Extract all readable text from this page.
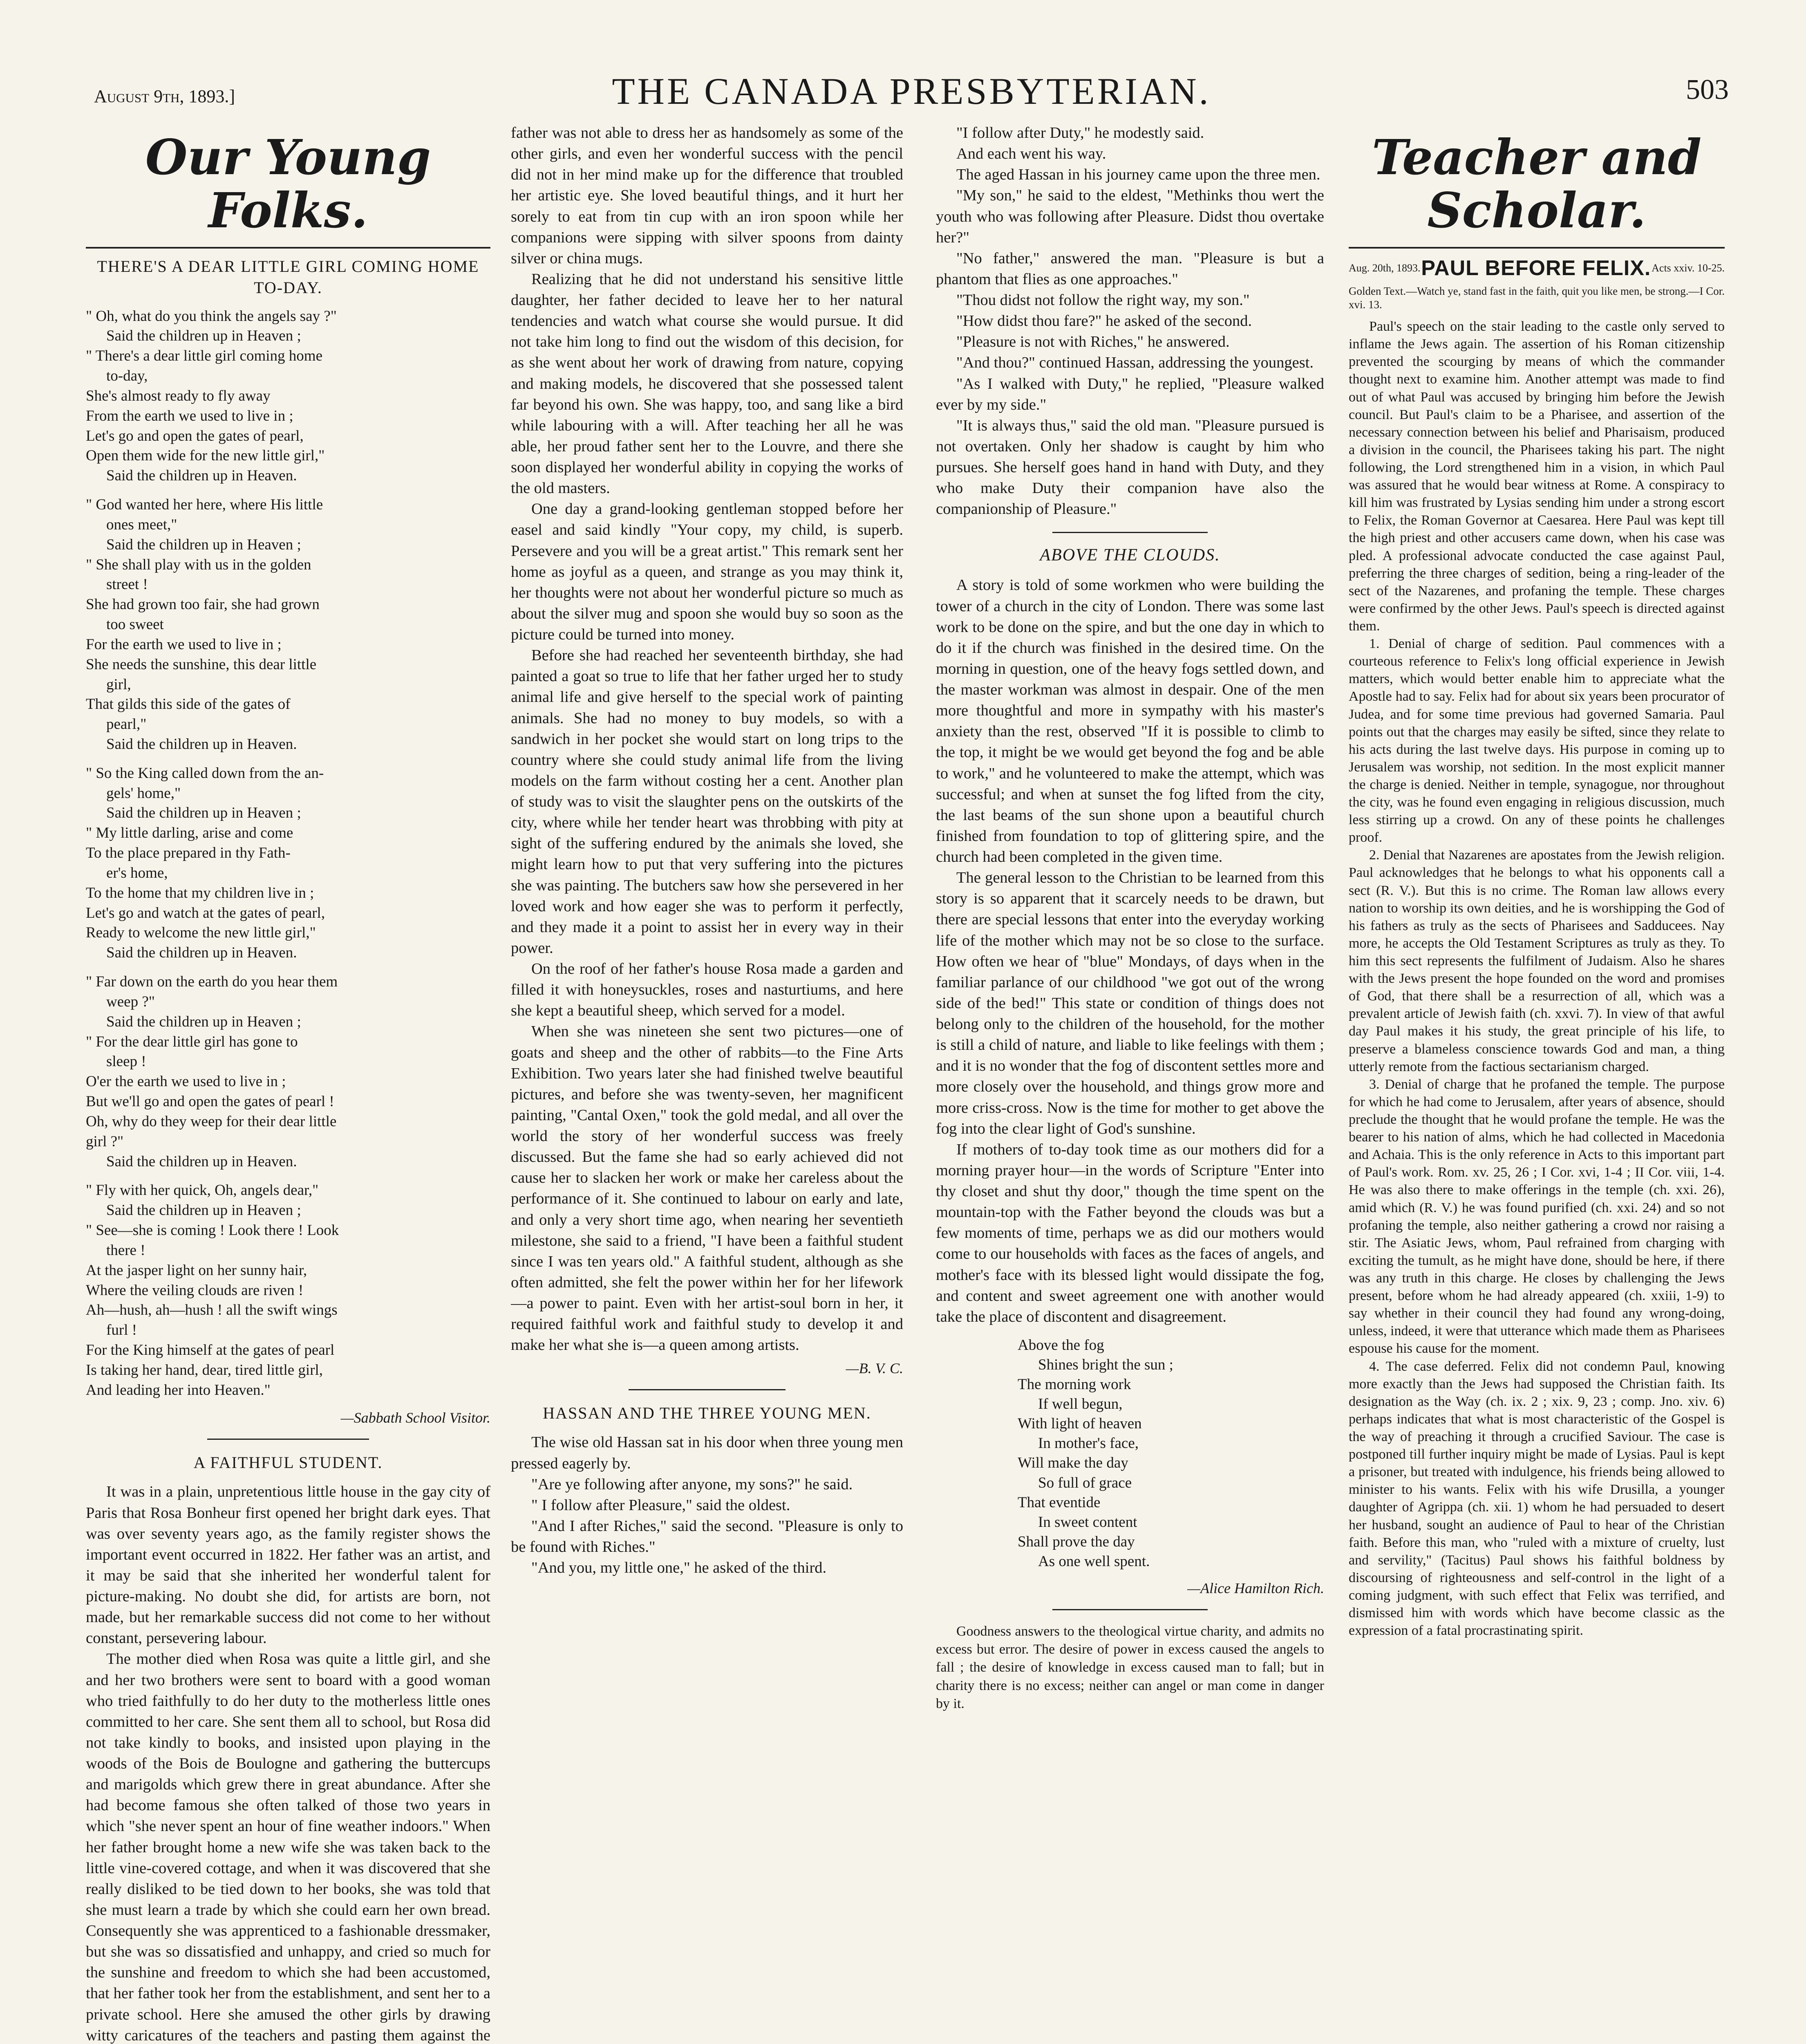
August 9th, 1893.]	THE CANADA PRESBYTERIAN.	503
Our Young Folks.
THERE'S A DEAR LITTLE GIRL COMING HOME TO-DAY.
" Oh, what do you think the angels say ?"
Said the children up in Heaven ;
" There's a dear little girl coming home
to-day,
She's almost ready to fly away
From the earth we used to live in ;
Let's go and open the gates of pearl,
Open them wide for the new little girl,"
Said the children up in Heaven.
" God wanted her here, where His little
ones meet,"
Said the children up in Heaven ;
" She shall play with us in the golden
street !
She had grown too fair, she had grown
too sweet
For the earth we used to live in ;
She needs the sunshine, this dear little
girl,
That gilds this side of the gates of
pearl,"
Said the children up in Heaven.
" So the King called down from the an-
gels' home,"
Said the children up in Heaven ;
" My little darling, arise and come
To the place prepared in thy Fath-
er's home,
To the home that my children live in ;
Let's go and watch at the gates of pearl,
Ready to welcome the new little girl,"
Said the children up in Heaven.
" Far down on the earth do you hear them
weep ?"
Said the children up in Heaven ;
" For the dear little girl has gone to
sleep !
O'er the earth we used to live in ;
But we'll go and open the gates of pearl !
Oh, why do they weep for their dear little
girl ?"
Said the children up in Heaven.
" Fly with her quick, Oh, angels dear,"
Said the children up in Heaven ;
" See—she is coming ! Look there ! Look
there !
At the jasper light on her sunny hair,
Where the veiling clouds are riven !
Ah—hush, ah—hush ! all the swift wings
furl !
For the King himself at the gates of pearl
Is taking her hand, dear, tired little girl,
And leading her into Heaven."
—Sabbath School Visitor.
A FAITHFUL STUDENT.

It was in a plain, unpretentious little house in the gay city of Paris that Rosa Bonheur first opened her bright dark eyes. That was over seventy years ago, as the family register shows the important event occurred in 1822. Her father was an artist, and it may be said that she inherited her wonderful talent for picture-making. No doubt she did, for artists are born, not made, but her remarkable success did not come to her without constant, persevering labour.

The mother died when Rosa was quite a little girl, and she and her two brothers were sent to board with a good woman who tried faithfully to do her duty to the motherless little ones committed to her care. She sent them all to school, but Rosa did not take kindly to books, and insisted upon playing in the woods of the Bois de Boulogne and gathering the buttercups and marigolds which grew there in great abundance. After she had become famous she often talked of those two years in which "she never spent an hour of fine weather indoors." When her father brought home a new wife she was taken back to the little vine-covered cottage, and when it was discovered that she really disliked to be tied down to her books, she was told that she must learn a trade by which she could earn her own bread. Consequently she was apprenticed to a fashionable dressmaker, but she was so dissatisfied and unhappy, and cried so much for the sunshine and freedom to which she had been accustomed, that her father took her from the establishment, and sent her to a private school. Here she amused the other girls by drawing witty caricatures of the teachers and pasting them against the

father was not able to dress her as handsomely as some of the other girls, and even her wonderful success with the pencil did not in her mind make up for the difference that troubled her artistic eye. She loved beautiful things, and it hurt her sorely to eat from tin cup with an iron spoon while her companions were sipping with silver spoons from dainty silver or china mugs.

Realizing that he did not understand his sensitive little daughter, her father decided to leave her to her natural tendencies and watch what course she would pursue. It did not take him long to find out the wisdom of this decision, for as she went about her work of drawing from nature, copying and making models, he discovered that she possessed talent far beyond his own. She was happy, too, and sang like a bird while labouring with a will. After teaching her all he was able, her proud father sent her to the Louvre, and there she soon displayed her wonderful ability in copying the works of the old masters.

One day a grand-looking gentleman stopped before her easel and said kindly "Your copy, my child, is superb. Persevere and you will be a great artist." This remark sent her home as joyful as a queen, and strange as you may think it, her thoughts were not about her wonderful picture so much as about the silver mug and spoon she would buy so soon as the picture could be turned into money.

Before she had reached her seventeenth birthday, she had painted a goat so true to life that her father urged her to study animal life and give herself to the special work of painting animals. She had no money to buy models, so with a sandwich in her pocket she would start on long trips to the country where she could study animal life from the living models on the farm without costing her a cent. Another plan of study was to visit the slaughter pens on the outskirts of the city, where while her tender heart was throbbing with pity at sight of the suffering endured by the animals she loved, she might learn how to put that very suffering into the pictures she was painting. The butchers saw how she persevered in her loved work and how eager she was to perform it perfectly, and they made it a point to assist her in every way in their power.

On the roof of her father's house Rosa made a garden and filled it with honeysuckles, roses and nasturtiums, and here she kept a beautiful sheep, which served for a model.

When she was nineteen she sent two pictures—one of goats and sheep and the other of rabbits—to the Fine Arts Exhibition. Two years later she had finished twelve beautiful pictures, and before she was twenty-seven, her magnificent painting, "Cantal Oxen," took the gold medal, and all over the world the story of her wonderful success was freely discussed. But the fame she had so early achieved did not cause her to slacken her work or make her careless about the performance of it. She continued to labour on early and late, and only a very short time ago, when nearing her seventieth milestone, she said to a friend, "I have been a faithful student since I was ten years old." A faithful student, although as she often admitted, she felt the power within her for her lifework—a power to paint. Even with her artist-soul born in her, it required faithful work and faithful study to develop it and make her what she is—a queen among artists.

—B. V. C.
HASSAN AND THE THREE YOUNG MEN.

The wise old Hassan sat in his door when three young men pressed eagerly by.

"Are ye following after anyone, my sons?" he said.

" I follow after Pleasure," said the oldest.

"And I after Riches," said the second. "Pleasure is only to be found with Riches."

"And you, my little one," he asked of the third.

"I follow after Duty," he modestly said.

And each went his way.

The aged Hassan in his journey came upon the three men.

"My son," he said to the eldest, "Methinks thou wert the youth who was following after Pleasure. Didst thou overtake her?"

"No father," answered the man. "Pleasure is but a phantom that flies as one approaches."

"Thou didst not follow the right way, my son."

"How didst thou fare?" he asked of the second.

"Pleasure is not with Riches," he answered.

"And thou?" continued Hassan, addressing the youngest.

"As I walked with Duty," he replied, "Pleasure walked ever by my side."

"It is always thus," said the old man. "Pleasure pursued is not overtaken. Only her shadow is caught by him who pursues. She herself goes hand in hand with Duty, and they who make Duty their companion have also the companionship of Pleasure."

ABOVE THE CLOUDS.

A story is told of some workmen who were building the tower of a church in the city of London. There was some last work to be done on the spire, and but the one day in which to do it if the church was finished in the desired time. On the morning in question, one of the heavy fogs settled down, and the master workman was almost in despair. One of the men more thoughtful and more in sympathy with his master's anxiety than the rest, observed "If it is possible to climb to the top, it might be we would get beyond the fog and be able to work," and he volunteered to make the attempt, which was successful; and when at sunset the fog lifted from the city, the last beams of the sun shone upon a beautiful church finished from foundation to top of glittering spire, and the church had been completed in the given time.

The general lesson to the Christian to be learned from this story is so apparent that it scarcely needs to be drawn, but there are special lessons that enter into the everyday working life of the mother which may not be so close to the surface. How often we hear of "blue" Mondays, of days when in the familiar parlance of our childhood "we got out of the wrong side of the bed!" This state or condition of things does not belong only to the children of the household, for the mother is still a child of nature, and liable to like feelings with them ; and it is no wonder that the fog of discontent settles more and more closely over the household, and things grow more and more criss-cross. Now is the time for mother to get above the fog into the clear light of God's sunshine.

If mothers of to-day took time as our mothers did for a morning prayer hour—in the words of Scripture "Enter into thy closet and shut thy door," though the time spent on the mountain-top with the Father beyond the clouds was but a few moments of time, perhaps we as did our mothers would come to our households with faces as the faces of angels, and mother's face with its blessed light would dissipate the fog, and content and sweet agreement one with another would take the place of discontent and disagreement.

Above the fog
Shines bright the sun ;
The morning work
If well begun,
With light of heaven
In mother's face,
Will make the day
So full of grace
That eventide
In sweet content
Shall prove the day
As one well spent.
—Alice Hamilton Rich.

Goodness answers to the theological virtue charity, and admits no excess but error. The desire of power in excess caused the angels to fall ; the desire of knowledge in excess caused man to fall; but in charity there is no excess; neither can angel or man come in danger by it.

Teacher and Scholar.
Aug. 20th, 1893. PAUL BEFORE FELIX. Acts xxiv. 10-25.
Golden Text.—Watch ye, stand fast in the faith, quit you like men, be strong.—I Cor. xvi. 13.

Paul's speech on the stair leading to the castle only served to inflame the Jews again. The assertion of his Roman citizenship prevented the scourging by means of which the commander thought next to examine him. Another attempt was made to find out of what Paul was accused by bringing him before the Jewish council. But Paul's claim to be a Pharisee, and assertion of the necessary connection between his belief and Pharisaism, produced a division in the council, the Pharisees taking his part. The night following, the Lord strengthened him in a vision, in which Paul was assured that he would bear witness at Rome. A conspiracy to kill him was frustrated by Lysias sending him under a strong escort to Felix, the Roman Governor at Caesarea. Here Paul was kept till the high priest and other accusers came down, when his case was pled. A professional advocate conducted the case against Paul, preferring the three charges of sedition, being a ring-leader of the sect of the Nazarenes, and profaning the temple. These charges were confirmed by the other Jews. Paul's speech is directed against them.

1. Denial of charge of sedition. Paul commences with a courteous reference to Felix's long official experience in Jewish matters, which would better enable him to appreciate what the Apostle had to say. Felix had for about six years been procurator of Judea, and for some time previous had governed Samaria. Paul points out that the charges may easily be sifted, since they relate to his acts during the last twelve days. His purpose in coming up to Jerusalem was worship, not sedition. In the most explicit manner the charge is denied. Neither in temple, synagogue, nor throughout the city, was he found even engaging in religious discussion, much less stirring up a crowd. On any of these points he challenges proof.

2. Denial that Nazarenes are apostates from the Jewish religion. Paul acknowledges that he belongs to what his opponents call a sect (R. V.). But this is no crime. The Roman law allows every nation to worship its own deities, and he is worshipping the God of his fathers as truly as the sects of Pharisees and Sadducees. Nay more, he accepts the Old Testament Scriptures as truly as they. To him this sect represents the fulfilment of Judaism. Also he shares with the Jews present the hope founded on the word and promises of God, that there shall be a resurrection of all, which was a prevalent article of Jewish faith (ch. xxvi. 7). In view of that awful day Paul makes it his study, the great principle of his life, to preserve a blameless conscience towards God and man, a thing utterly remote from the factious sectarianism charged.

3. Denial of charge that he profaned the temple. The purpose for which he had come to Jerusalem, after years of absence, should preclude the thought that he would profane the temple. He was the bearer to his nation of alms, which he had collected in Macedonia and Achaia. This is the only reference in Acts to this important part of Paul's work. Rom. xv. 25, 26 ; I Cor. xvi, 1-4 ; II Cor. viii, 1-4. He was also there to make offerings in the temple (ch. xxi. 26), amid which (R. V.) he was found purified (ch. xxi. 24) and so not profaning the temple, also neither gathering a crowd nor raising a stir. The Asiatic Jews, whom, Paul refrained from charging with exciting the tumult, as he might have done, should be here, if there was any truth in this charge. He closes by challenging the Jews present, before whom he had already appeared (ch. xxiii, 1-9) to say whether in their council they had found any wrong-doing, unless, indeed, it were that utterance which made them as Pharisees espouse his cause for the moment.

4. The case deferred. Felix did not condemn Paul, knowing more exactly than the Jews had supposed the Christian faith. Its designation as the Way (ch. ix. 2 ; xix. 9, 23 ; comp. Jno. xiv. 6) perhaps indicates that what is most characteristic of the Gospel is the way of preaching it through a crucified Saviour. The case is postponed till further inquiry might be made of Lysias. Paul is kept a prisoner, but treated with indulgence, his friends being allowed to minister to his wants. Felix with his wife Drusilla, a younger daughter of Agrippa (ch. xii. 1) whom he had persuaded to desert her husband, sought an audience of Paul to hear of the Christian faith. Before this man, who "ruled with a mixture of cruelty, lust and servility," (Tacitus) Paul shows his faithful boldness by discoursing of righteousness and self-control in the light of a coming judgment, with such effect that Felix was terrified, and dismissed him with words which have become classic as the expression of a fatal procrastinating spirit.
